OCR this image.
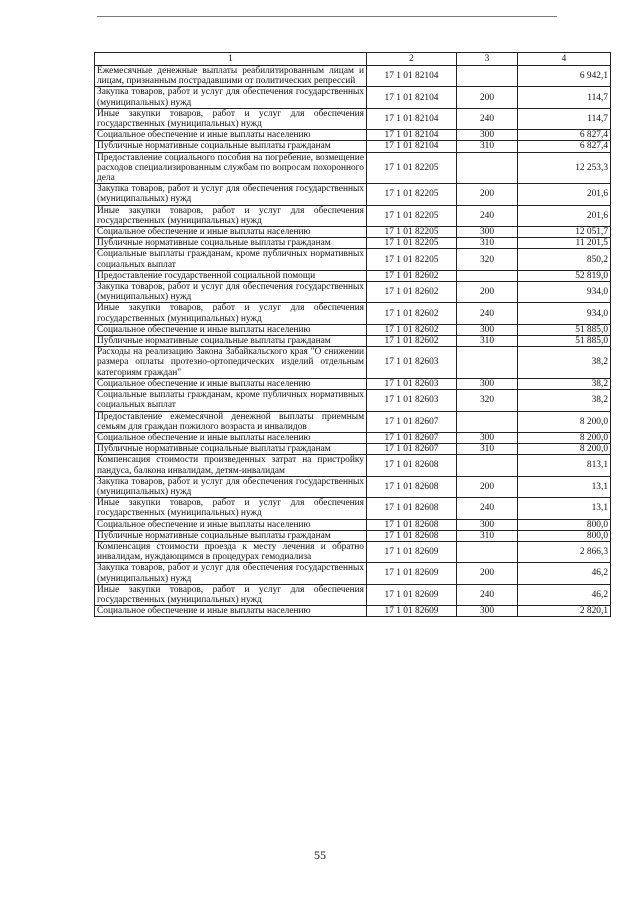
1	2	3	4
Ежемесячные денежные выплаты реабилитированным лицам и лицам, признанным пострадавшими от политических репрессий	17 1 01 82104		6 942,1
Закупка товаров, работ и услуг для обеспечения государственных (муниципальных) нужд	17 1 01 82104	200	114,7
Иные закупки товаров, работ и услуг для обеспечения государственных (муниципальных) нужд	17 1 01 82104	240	114,7
Социальное обеспечение и иные выплаты населению	17 1 01 82104	300	6 827,4
Публичные нормативные социальные выплаты гражданам	17 1 01 82104	310	6 827,4
Предоставление социального пособия на погребение, возмещение расходов специализированным службам по вопросам похоронного дела	17 1 01 82205		12 253,3
Закупка товаров, работ и услуг для обеспечения государственных (муниципальных) нужд	17 1 01 82205	200	201,6
Иные закупки товаров, работ и услуг для обеспечения государственных (муниципальных) нужд	17 1 01 82205	240	201,6
Социальное обеспечение и иные выплаты населению	17 1 01 82205	300	12 051,7
Публичные нормативные социальные выплаты гражданам	17 1 01 82205	310	11 201,5
Социальные выплаты гражданам, кроме публичных нормативных социальных выплат	17 1 01 82205	320	850,2
Предоставление государственной социальной помощи	17 1 01 82602		52 819,0
Закупка товаров, работ и услуг для обеспечения государственных (муниципальных) нужд	17 1 01 82602	200	934,0
Иные закупки товаров, работ и услуг для обеспечения государственных (муниципальных) нужд	17 1 01 82602	240	934,0
Социальное обеспечение и иные выплаты населению	17 1 01 82602	300	51 885,0
Публичные нормативные социальные выплаты гражданам	17 1 01 82602	310	51 885,0
Расходы на реализацию Закона Забайкальского края "О снижении размера оплаты протезно-ортопедических изделий отдельным категориям граждан"	17 1 01 82603		38,2
Социальное обеспечение и иные выплаты населению	17 1 01 82603	300	38,2
Социальные выплаты гражданам, кроме публичных нормативных социальных выплат	17 1 01 82603	320	38,2
Предоставление ежемесячной денежной выплаты приемным семьям для граждан пожилого возраста и инвалидов	17 1 01 82607		8 200,0
Социальное обеспечение и иные выплаты населению	17 1 01 82607	300	8 200,0
Публичные нормативные социальные выплаты гражданам	17 1 01 82607	310	8 200,0
Компенсация стоимости произведенных затрат на пристройку пандуса, балкона инвалидам, детям-инвалидам	17 1 01 82608		813,1
Закупка товаров, работ и услуг для обеспечения государственных (муниципальных) нужд	17 1 01 82608	200	13,1
Иные закупки товаров, работ и услуг для обеспечения государственных (муниципальных) нужд	17 1 01 82608	240	13,1
Социальное обеспечение и иные выплаты населению	17 1 01 82608	300	800,0
Публичные нормативные социальные выплаты гражданам	17 1 01 82608	310	800,0
Компенсация стоимости проезда к месту лечения и обратно инвалидам, нуждающимся в процедурах гемодиализа	17 1 01 82609		2 866,3
Закупка товаров, работ и услуг для обеспечения государственных (муниципальных) нужд	17 1 01 82609	200	46,2
Иные закупки товаров, работ и услуг для обеспечения государственных (муниципальных) нужд	17 1 01 82609	240	46,2
Социальное обеспечение и иные выплаты населению	17 1 01 82609	300	2 820,1
55
